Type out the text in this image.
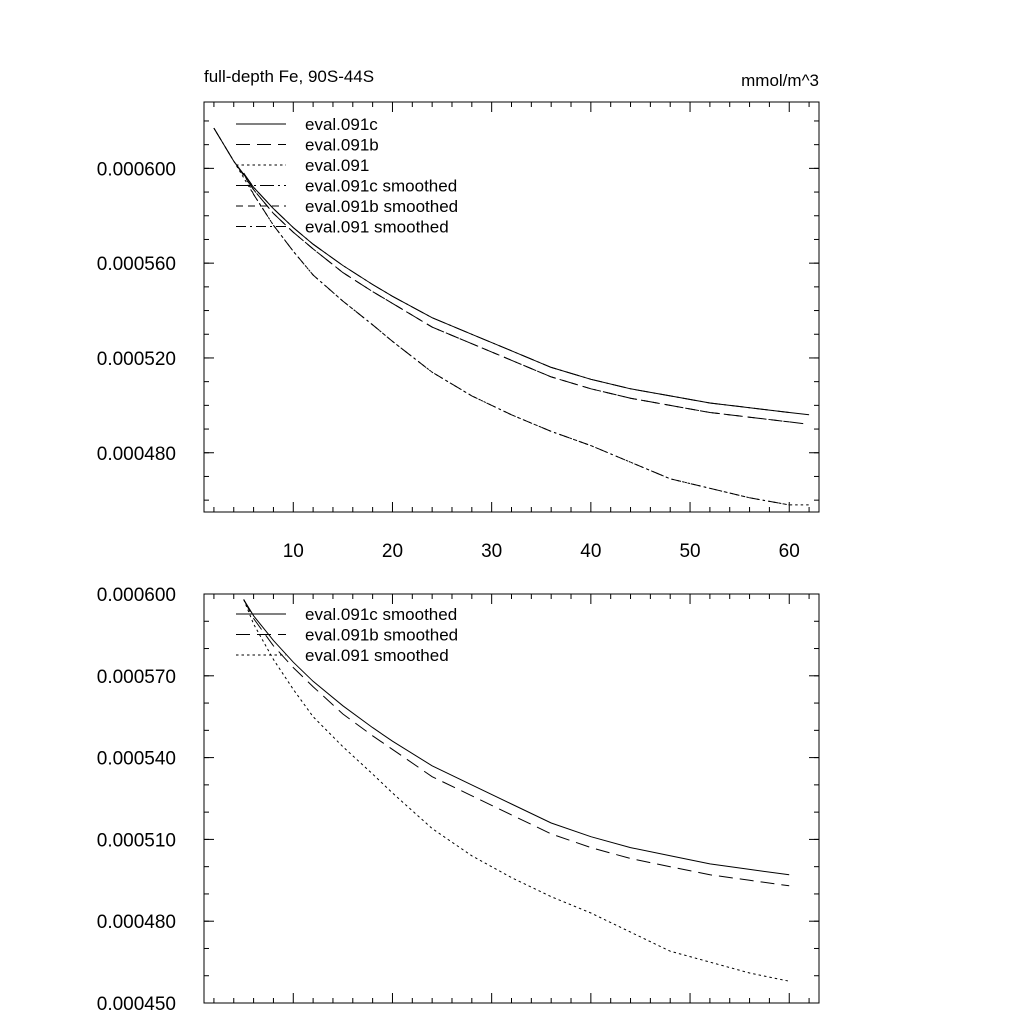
full-depth Fe, 90S-44S	mmol/m^3
10	20	30	40	50	60
0.000480
0.000520
0.000560
0.000600
eval.091c
eval.091b
eval.091
eval.091c smoothed
eval.091b smoothed
eval.091 smoothed
0.000450
0.000480
0.000510
0.000540
0.000570
0.000600
eval.091c smoothed
eval.091b smoothed
eval.091 smoothed
